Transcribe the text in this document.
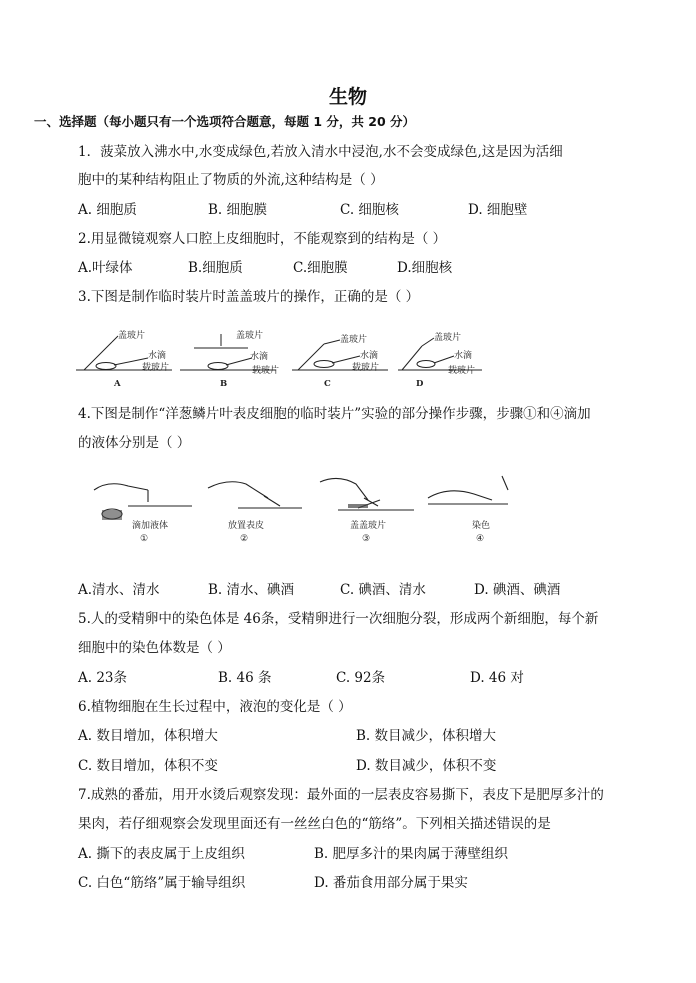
生物
一、选择题（每小题只有一个选项符合题意，每题 1 分，共 20 分）
1．菠菜放入沸水中,水变成绿色,若放入清水中浸泡,水不会变成绿色,这是因为活细
胞中的某种结构阻止了物质的外流,这种结构是（ ）
A. 细胞质	B. 细胞膜	C. 细胞核	D. 细胞壁
2.用显微镜观察人口腔上皮细胞时，不能观察到的结构是（ ）
A.叶绿体	B.细胞质	C.细胞膜	D.细胞核
3.下图是制作临时装片时盖盖玻片的操作，正确的是（ ）
盖玻片
水滴
载玻片
A
盖玻片
水滴
载玻片
B
盖玻片
水滴
载玻片
C
盖玻片
水滴
载玻片
D
4.下图是制作“洋葱鳞片叶表皮细胞的临时装片”实验的部分操作步骤，步骤①和④滴加
的液体分别是（ ）
滴加液体
①
放置表皮
②
盖盖玻片
③
染色
④
A.清水、清水	B. 清水、碘酒	C. 碘酒、清水	D. 碘酒、碘酒
5.人的受精卵中的染色体是 46条，受精卵进行一次细胞分裂，形成两个新细胞，每个新
细胞中的染色体数是（ ）
A. 23条	B. 46 条	C. 92条	D. 46 对
6.植物细胞在生长过程中，液泡的变化是（ ）
A. 数目增加，体积增大	B. 数目减少，体积增大
C. 数目增加，体积不变	D. 数目减少，体积不变
7.成熟的番茄，用开水烫后观察发现：最外面的一层表皮容易撕下，表皮下是肥厚多汁的
果肉，若仔细观察会发现里面还有一丝丝白色的“筋络”。下列相关描述错误的是
A. 撕下的表皮属于上皮组织	B. 肥厚多汁的果肉属于薄壁组织
C. 白色“筋络”属于输导组织	D. 番茄食用部分属于果实
